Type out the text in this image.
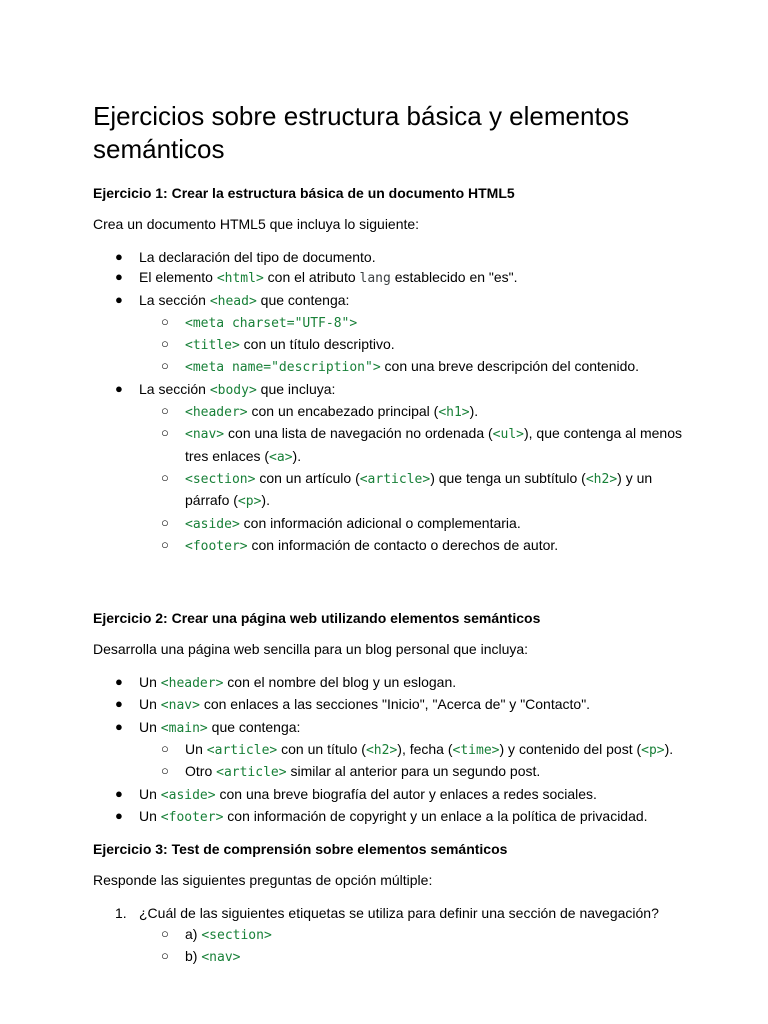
Ejercicios sobre estructura básica y elementos semánticos
Ejercicio 1: Crear la estructura básica de un documento HTML5

Crea un documento HTML5 que incluya lo siguiente:

● La declaración del tipo de documento.
● El elemento <html> con el atributo lang establecido en "es".
● La sección <head> que contenga:
○ <meta charset="UTF-8">
○ <title> con un título descriptivo.
○ <meta name="description"> con una breve descripción del contenido.
● La sección <body> que incluya:
○ <header> con un encabezado principal (<h1>).
○ <nav> con una lista de navegación no ordenada (<ul>), que contenga al menos tres enlaces (<a>).
○ <section> con un artículo (<article>) que tenga un subtítulo (<h2>) y un párrafo (<p>).
○ <aside> con información adicional o complementaria.
○ <footer> con información de contacto o derechos de autor.
Ejercicio 2: Crear una página web utilizando elementos semánticos

Desarrolla una página web sencilla para un blog personal que incluya:

● Un <header> con el nombre del blog y un eslogan.
● Un <nav> con enlaces a las secciones "Inicio", "Acerca de" y "Contacto".
● Un <main> que contenga:
○ Un <article> con un título (<h2>), fecha (<time>) y contenido del post (<p>).
○ Otro <article> similar al anterior para un segundo post.
● Un <aside> con una breve biografía del autor y enlaces a redes sociales.
● Un <footer> con información de copyright y un enlace a la política de privacidad.
Ejercicio 3: Test de comprensión sobre elementos semánticos

Responde las siguientes preguntas de opción múltiple:

1. ¿Cuál de las siguientes etiquetas se utiliza para definir una sección de navegación?
○ a) <section>
○ b) <nav>
